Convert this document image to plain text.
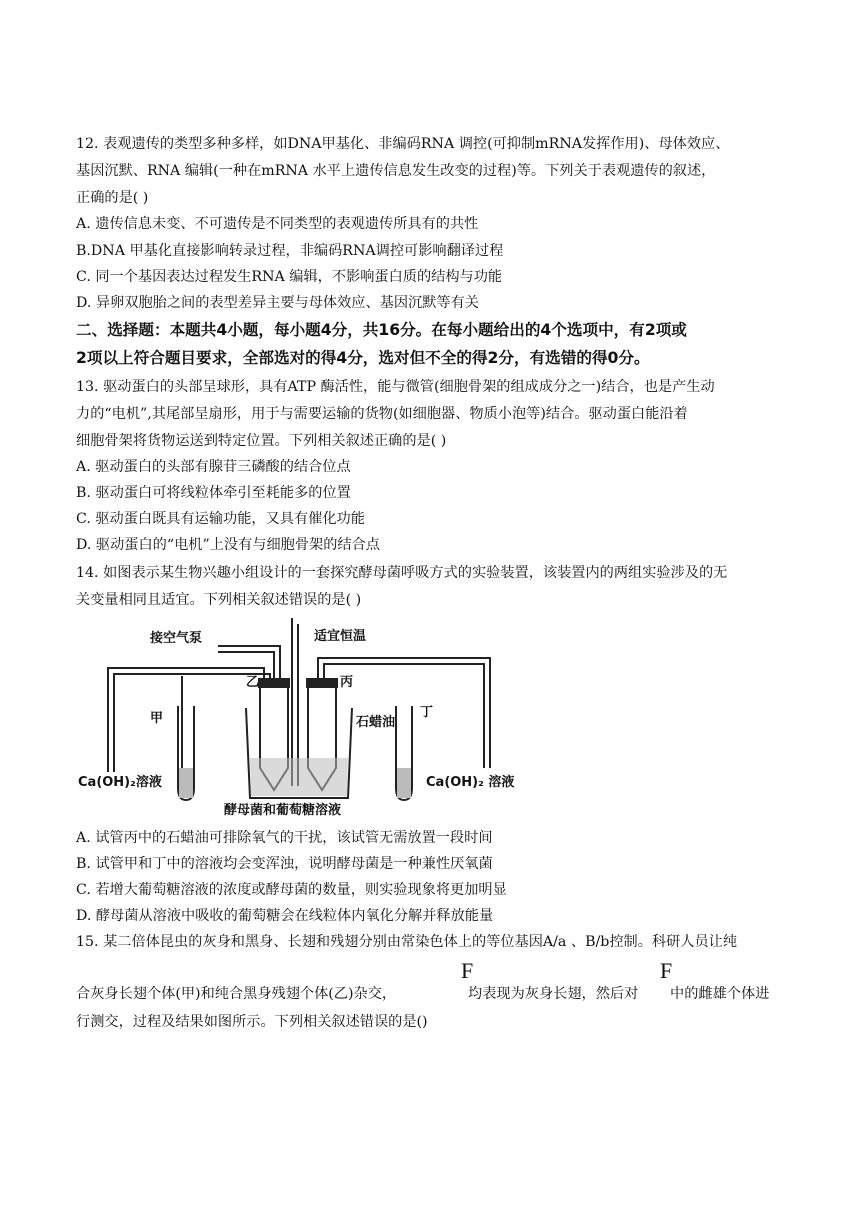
12. 表观遗传的类型多种多样，如DNA甲基化、非编码RNA 调控(可抑制mRNA发挥作用)、母体效应、
基因沉默、RNA 编辑(一种在mRNA 水平上遗传信息发生改变的过程)等。下列关于表观遗传的叙述，
正确的是( )
A. 遗传信息未变、不可遗传是不同类型的表观遗传所具有的共性
B.DNA 甲基化直接影响转录过程，非编码RNA调控可影响翻译过程
C. 同一个基因表达过程发生RNA 编辑，不影响蛋白质的结构与功能
D. 异卵双胞胎之间的表型差异主要与母体效应、基因沉默等有关
二、选择题：本题共4小题，每小题4分，共16分。在每小题给出的4个选项中，有2项或
2项以上符合题目要求，全部选对的得4分，选对但不全的得2分，有选错的得0分。
13. 驱动蛋白的头部呈球形，具有ATP 酶活性，能与微管(细胞骨架的组成成分之一)结合，也是产生动
力的“电机”,其尾部呈扇形，用于与需要运输的货物(如细胞器、物质小泡等)结合。驱动蛋白能沿着
细胞骨架将货物运送到特定位置。下列相关叙述正确的是( )
A. 驱动蛋白的头部有腺苷三磷酸的结合位点
B. 驱动蛋白可将线粒体牵引至耗能多的位置
C. 驱动蛋白既具有运输功能，又具有催化功能
D. 驱动蛋白的“电机”上没有与细胞骨架的结合点
14. 如图表示某生物兴趣小组设计的一套探究酵母菌呼吸方式的实验装置，该装置内的两组实验涉及的无
关变量相同且适宜。下列相关叙述错误的是( )
接空气泵	适宜恒温
乙	丙
石蜡油
甲	丁
Ca(OH)₂溶液	Ca(OH)₂ 溶液
酵母菌和葡萄糖溶液
A. 试管丙中的石蜡油可排除氧气的干扰，该试管无需放置一段时间
B. 试管甲和丁中的溶液均会变浑浊，说明酵母菌是一种兼性厌氧菌
C. 若增大葡萄糖溶液的浓度或酵母菌的数量，则实验现象将更加明显
D. 酵母菌从溶液中吸收的葡萄糖会在线粒体内氧化分解并释放能量
15. 某二倍体昆虫的灰身和黑身、长翅和残翅分别由常染色体上的等位基因A/a 、B/b控制。科研人员让纯
合灰身长翅个体(甲)和纯合黑身残翅个体(乙)杂交，
F
均表现为灰身长翅，然后对
F
中的雌雄个体进
行测交，过程及结果如图所示。下列相关叙述错误的是()
